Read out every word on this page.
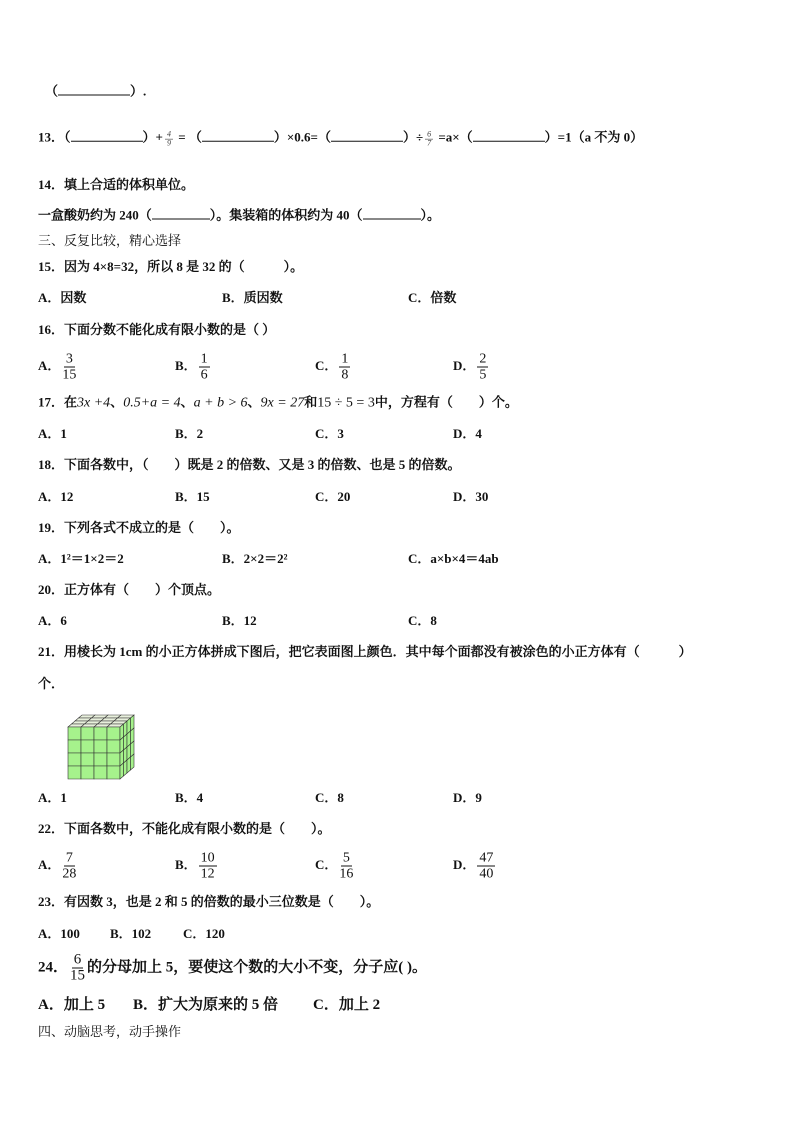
（	）.
13．（	）+ $\frac{4}{9}$ = （	）×0.6=（	）÷ $\frac{6}{7} =a\times$（	）=1（a 不为 0）
14．填上合适的体积单位。
一盒酸奶约为 240（	）。集装箱的体积约为 40（	）。
三、反复比较，精心选择
15．因为 4×8=32，所以 8 是 32 的（　　　）。
A．因数	B．质因数	C．倍数
16．下面分数不能化成有限小数的是（ ）
A． $\frac{3}{15}$	B． $\frac{1}{6}$	C． $\frac{1}{8}$	D． $\frac{2}{5}$
17．在3x +4、0.5+a = 4、a + b > 6、9x = 27和15 ÷ 5 = 3中，方程有（　　）个。
A．1	B．2	C．3	D．4
18．下面各数中，（　　）既是 2 的倍数、又是 3 的倍数、也是 5 的倍数。
A．12	B．15	C．20	D．30
19．下列各式不成立的是（　　）。
A．1²＝1×2＝2	B．2×2＝2²	C．a×b×4＝4ab
20．正方体有（　　）个顶点。
A．6	B．12	C．8
21．用棱长为 1cm 的小正方体拼成下图后，把它表面图上颜色．其中每个面都没有被涂色的小正方体有（　　　）
个．
A．1	B．4	C．8	D．9
22．下面各数中，不能化成有限小数的是（　　）。
A． $\frac{7}{28}$	B． $\frac{10}{12}$	C． $\frac{5}{16}$	D． $\frac{47}{40}$
23．有因数 3，也是 2 和 5 的倍数的最小三位数是（　　）。
A．100 B．102 C．120
24． $\frac{6}{15}$ 的分母加上 5，要使这个数的大小不变，分子应( )。
A．加上 5 B．扩大为原来的 5 倍 C．加上 2
四、动脑思考，动手操作
